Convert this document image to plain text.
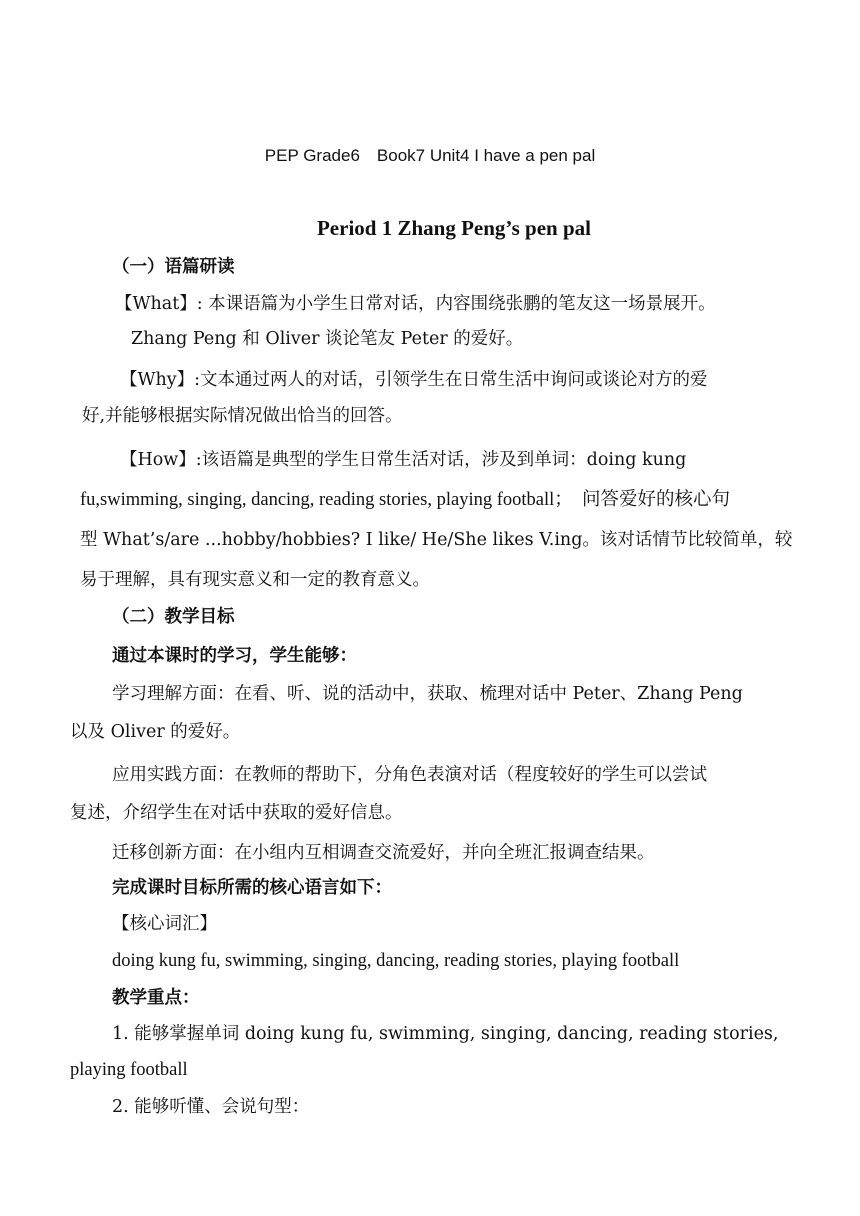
PEP Grade6　Book7 Unit4 I have a pen pal
Period 1 Zhang Peng’s pen pal
（一）语篇研读
【What】: 本课语篇为小学生日常对话，内容围绕张鹏的笔友这一场景展开。
Zhang Peng 和 Oliver 谈论笔友 Peter 的爱好。
【Why】:文本通过两人的对话，引领学生在日常生活中询问或谈论对方的爱
好,并能够根据实际情况做出恰当的回答。
【How】:该语篇是典型的学生日常生活对话，涉及到单词：doing kung
fu,swimming, singing, dancing, reading stories, playing football；　问答爱好的核心句
型 What’s/are ...hobby/hobbies? I like/ He/She likes V.ing。该对话情节比较简单，较
易于理解，具有现实意义和一定的教育意义。
（二）教学目标
通过本课时的学习，学生能够：
学习理解方面：在看、听、说的活动中，获取、梳理对话中 Peter、Zhang Peng
以及 Oliver 的爱好。
应用实践方面：在教师的帮助下，分角色表演对话（程度较好的学生可以尝试
复述，介绍学生在对话中获取的爱好信息。
迁移创新方面：在小组内互相调查交流爱好，并向全班汇报调查结果。
完成课时目标所需的核心语言如下：
【核心词汇】
doing kung fu, swimming, singing, dancing, reading stories, playing football
教学重点：
1. 能够掌握单词 doing kung fu, swimming, singing, dancing, reading stories,
playing football
2. 能够听懂、会说句型：
